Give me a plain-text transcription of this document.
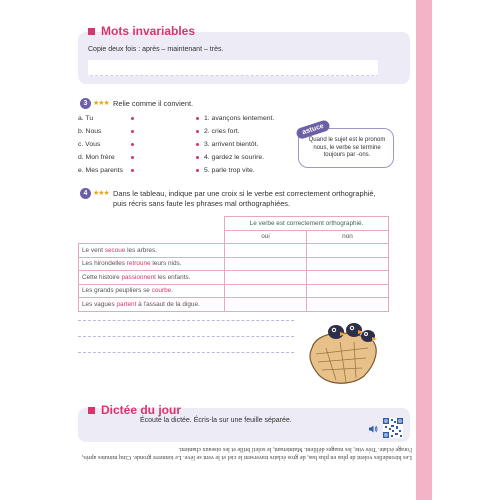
Mots invariables
Copie deux fois : après – maintenant – très.
3 ★★★ Relie comme il convient.
a. Tu
b. Nous
c. Vous
d. Mon frère
e. Mes parents
1. avançons lentement.
2. cries fort.
3. arrivent bientôt.
4. gardez le sourire.
5. parle trop vite.
astuce
Quand le sujet est le pronom nous, le verbe se termine toujours par -ons.
4 ★★★ Dans le tableau, indique par une croix si le verbe est correctement orthographié,
puis récris sans faute les phrases mal orthographiées.
	Le verbe est correctement orthographié.	
	oui	non
Le vent secoue les arbres.		
Les hirondelles retroune leurs nids.		
Cette histoire passionnent les enfants.		
Les grands peupliers se courbe.		
Les vagues partent à l'assaut de la digue.		
Dictée du jour
Écoute la dictée. Écris-la sur une feuille séparée.
Les hirondelles volent de plus en plus bas, de gros éclairs traversent le ciel et le vent se lève. Le tonnerre gronde. Cinq minutes après, l'orage éclate. Très vite, les nuages défilent. Maintenant, le soleil brille et les oiseaux chantent.
